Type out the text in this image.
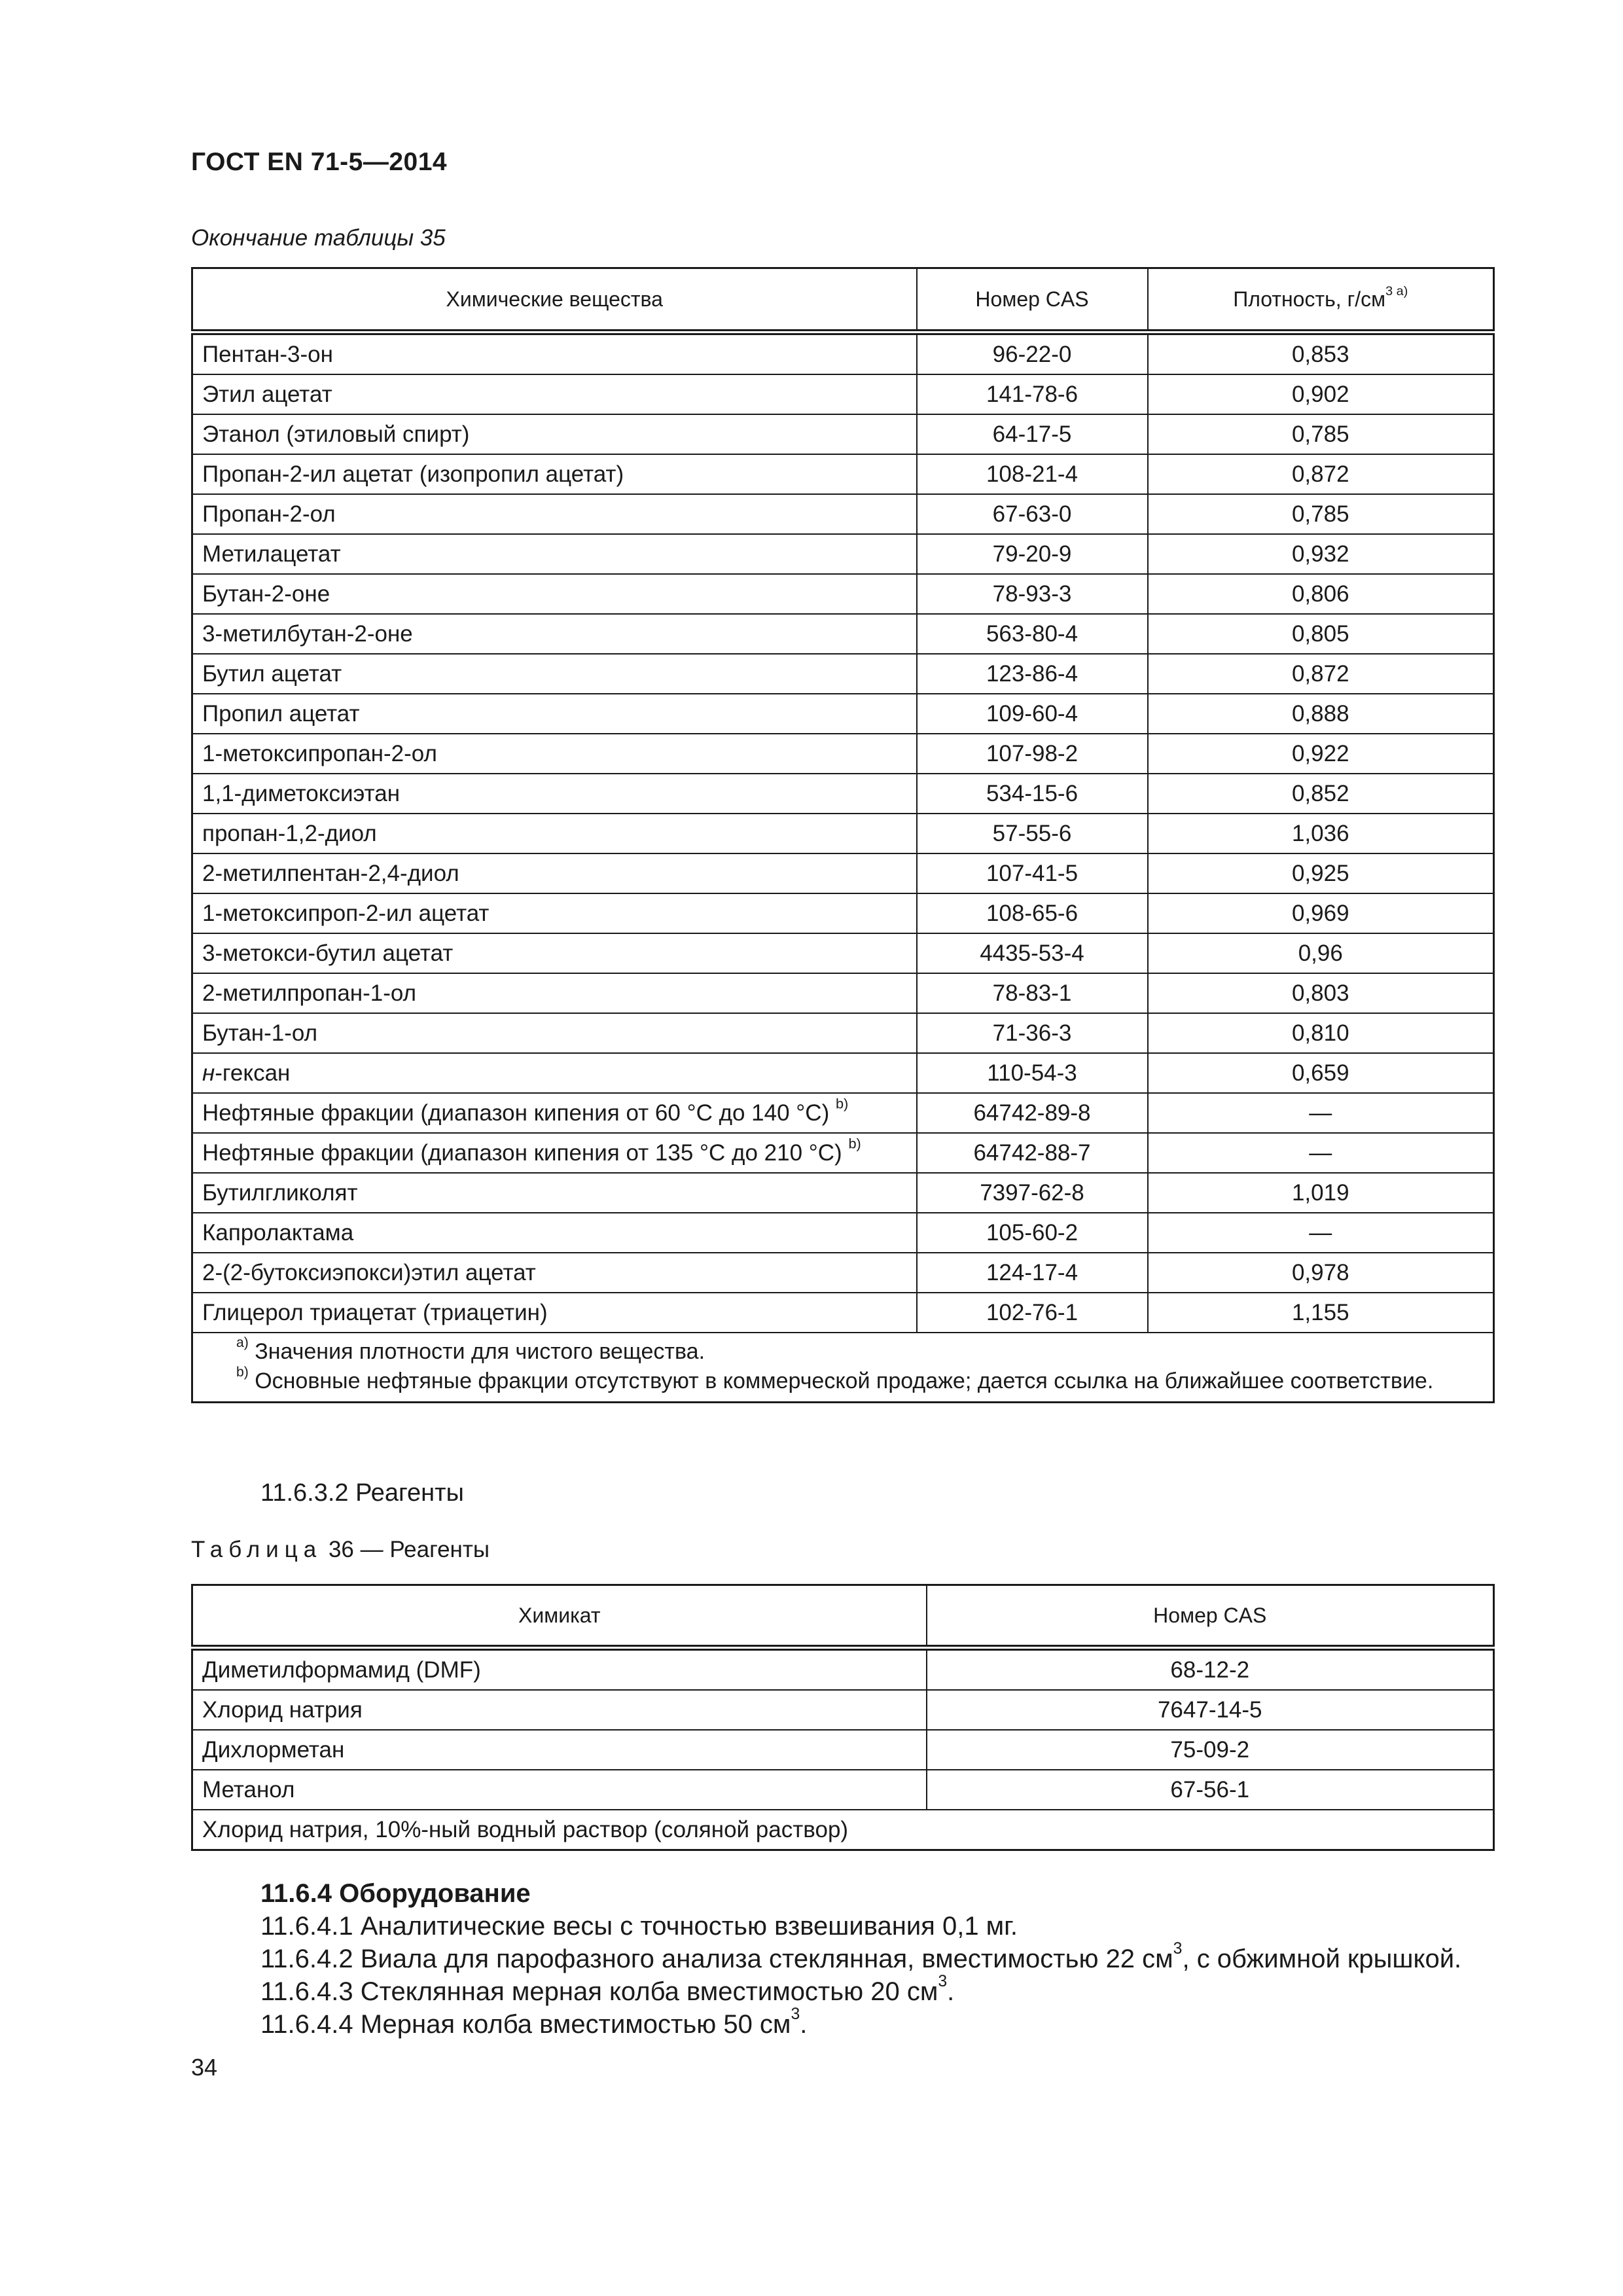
ГОСТ EN 71-5—2014
Окончание таблицы 35
Химические вещества	Номер CAS	Плотность, $г/см^{3 а)}$
Пентан-3-он	96-22-0	0,853
Этил ацетат	141-78-6	0,902
Этанол (этиловый спирт)	64-17-5	0,785
Пропан-2-ил ацетат (изопропил ацетат)	108-21-4	0,872
Пропан-2-ол	67-63-0	0,785
Метилацетат	79-20-9	0,932
Бутан-2-оне	78-93-3	0,806
3-метилбутан-2-оне	563-80-4	0,805
Бутил ацетат	123-86-4	0,872
Пропил ацетат	109-60-4	0,888
1-метоксипропан-2-ол	107-98-2	0,922
1,1-диметоксиэтан	534-15-6	0,852
пропан-1,2-диол	57-55-6	1,036
2-метилпентан-2,4-диол	107-41-5	0,925
1-метоксипроп-2-ил ацетат	108-65-6	0,969
3-метокси-бутил ацетат	4435-53-4	0,96
2-метилпропан-1-ол	78-83-1	0,803
Бутан-1-ол	71-36-3	0,810
н-гексан	110-54-3	0,659
Нефтяные фракции (диапазон кипения от 60 °C до 140 °C) $^{b)}$	64742-89-8	—
Нефтяные фракции (диапазон кипения от 135 °C до 210 °C) $^{b)}$	64742-88-7	—
Бутилгликолят	7397-62-8	1,019
Капролактама	105-60-2	—
2-(2-бутоксиэпокси)этил ацетат	124-17-4	0,978
Глицерол триацетат (триацетин)	102-76-1	1,155

$^{а)}$ Значения плотности для чистого вещества.
$^{b)}$ Основные нефтяные фракции отсутствуют в коммерческой продаже; дается ссылка на ближайшее соответствие.		
11.6.3.2 Реагенты
Таблица 36 — Реагенты
Химикат	Номер CAS
Диметилформамид (DMF)	68-12-2
Хлорид натрия	7647-14-5
Дихлорметан	75-09-2
Метанол	67-56-1
Хлорид натрия, 10%-ный водный раствор (соляной раствор)	
11.6.4 Оборудование
11.6.4.1 Аналитические весы с точностью взвешивания 0,1 мг.
11.6.4.2 Виала для парофазного анализа стеклянная, вместимостью 22 $см^3$, с обжимной крышкой.
11.6.4.3 Стеклянная мерная колба вместимостью 20 $см^3$.
11.6.4.4 Мерная колба вместимостью 50 $см^3$.
34
